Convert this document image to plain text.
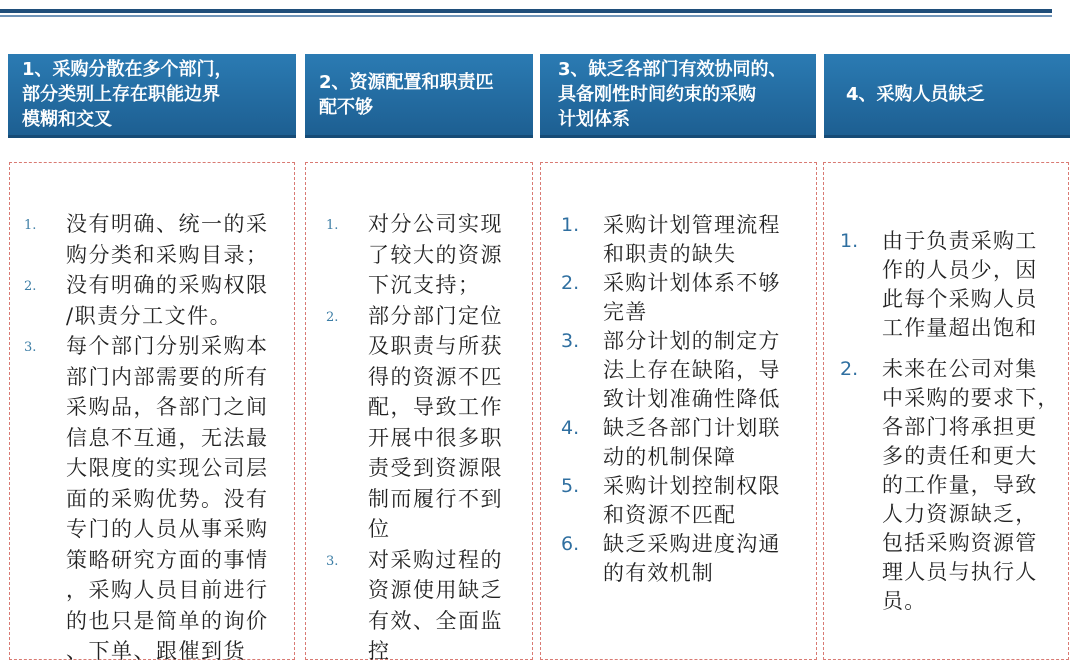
1、采购分散在多个部门，
部分类别上存在职能边界
模糊和交叉
1. 没有明确、统一的采
购分类和采购目录；
2. 没有明确的采购权限
/职责分工文件。
3. 每个部门分别采购本
部门内部需要的所有
采购品，各部门之间
信息不互通，无法最
大限度的实现公司层
面的采购优势。没有
专门的人员从事采购
策略研究方面的事情
，采购人员目前进行
的也只是简单的询价
、下单、跟催到货
2、资源配置和职责匹
配不够
1. 对分公司实现
了较大的资源
下沉支持；
2. 部分部门定位
及职责与所获
得的资源不匹
配，导致工作
开展中很多职
责受到资源限
制而履行不到
位
3. 对采购过程的
资源使用缺乏
有效、全面监
控
3、缺乏各部门有效协同的、
具备刚性时间约束的采购
计划体系
1. 采购计划管理流程
和职责的缺失
2. 采购计划体系不够
完善
3. 部分计划的制定方
法上存在缺陷，导
致计划准确性降低
4. 缺乏各部门计划联
动的机制保障
5. 采购计划控制权限
和资源不匹配
6. 缺乏采购进度沟通
的有效机制
4、采购人员缺乏
1. 由于负责采购工
作的人员少，因
此每个采购人员
工作量超出饱和
2. 未来在公司对集
中采购的要求下，
各部门将承担更
多的责任和更大
的工作量，导致
人力资源缺乏，
包括采购资源管
理人员与执行人
员。
